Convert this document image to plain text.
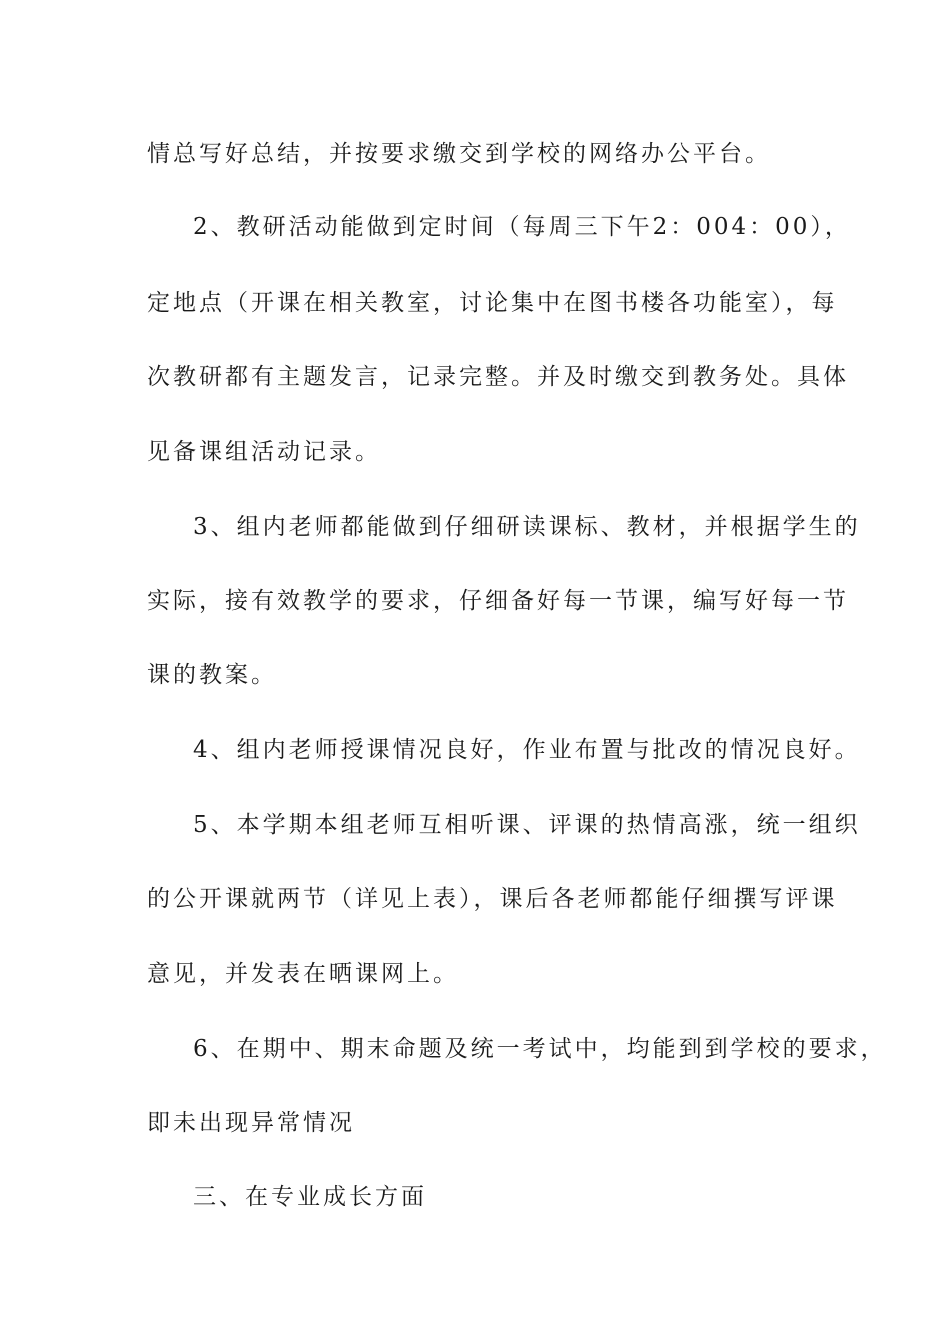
情总写好总结，并按要求缴交到学校的网络办公平台。
2、教研活动能做到定时间（每周三下午2：004：00），
定地点（开课在相关教室，讨论集中在图书楼各功能室），每
次教研都有主题发言，记录完整。并及时缴交到教务处。具体
见备课组活动记录。
3、组内老师都能做到仔细研读课标、教材，并根据学生的
实际，接有效教学的要求，仔细备好每一节课，编写好每一节
课的教案。
4、组内老师授课情况良好，作业布置与批改的情况良好。
5、本学期本组老师互相听课、评课的热情高涨，统一组织
的公开课就两节（详见上表），课后各老师都能仔细撰写评课
意见，并发表在晒课网上。
6、在期中、期末命题及统一考试中，均能到到学校的要求，
即未出现异常情况
三、在专业成长方面
